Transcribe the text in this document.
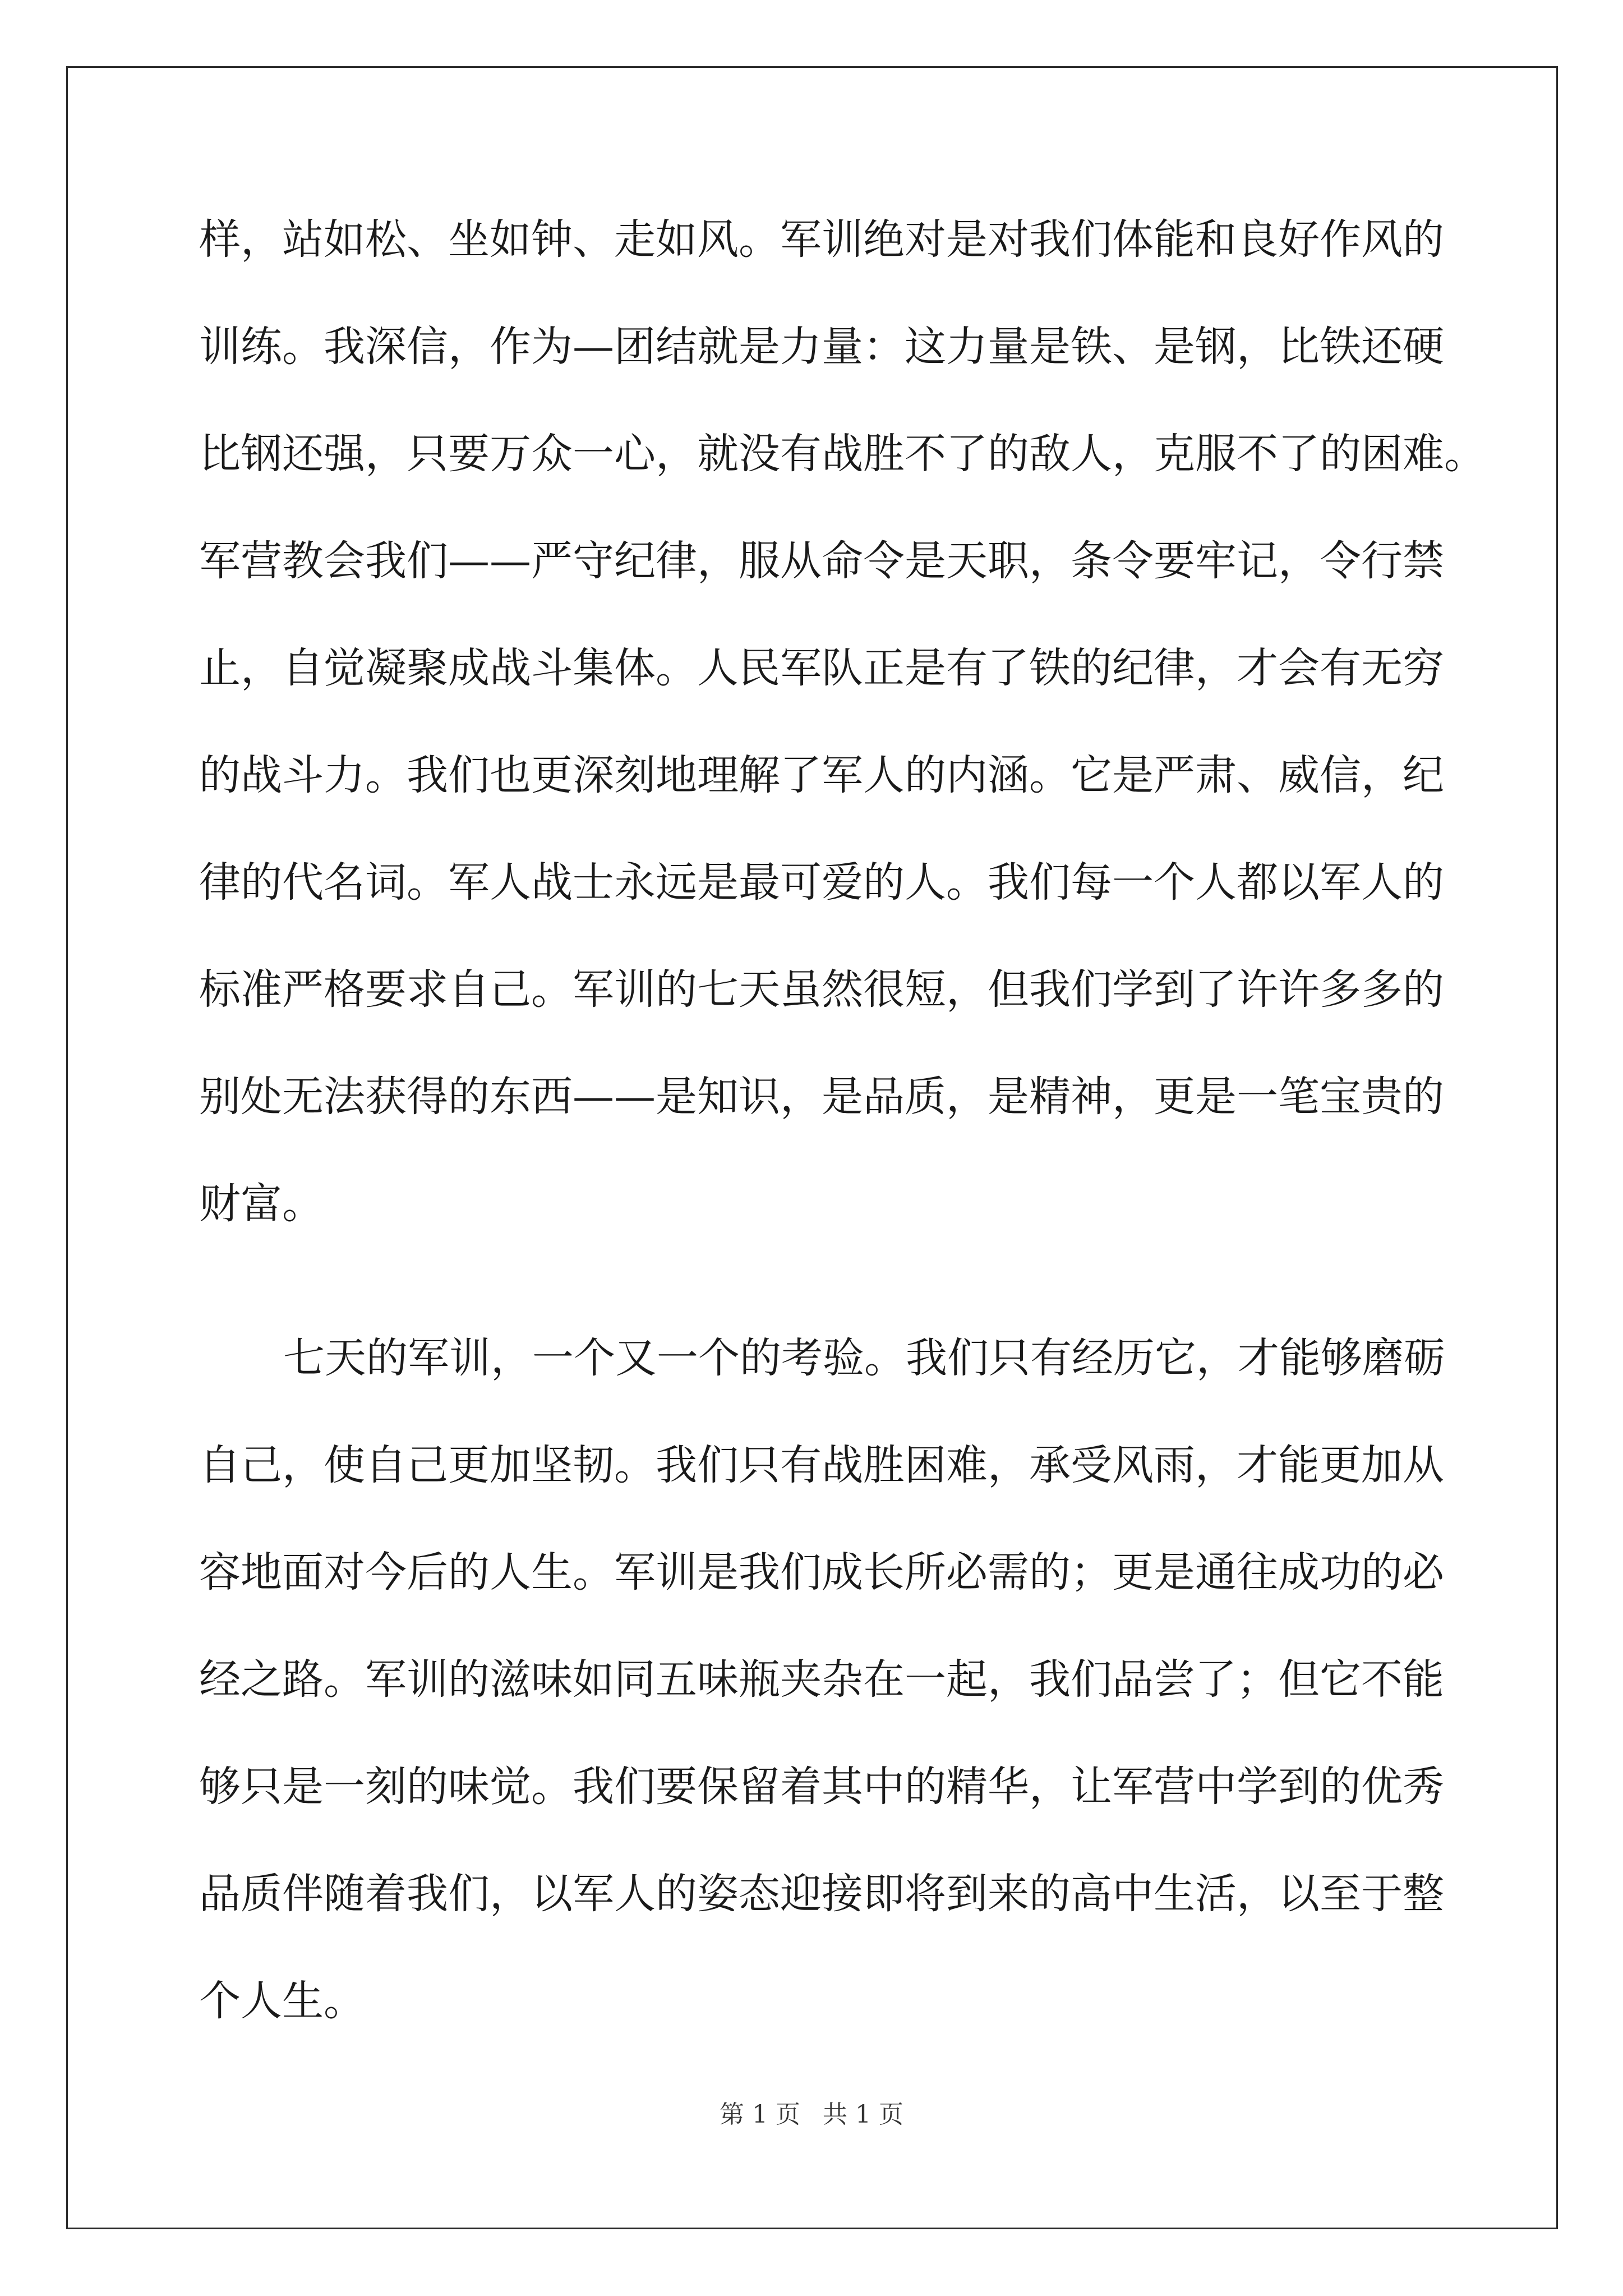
样，站如松、坐如钟、走如风。军训绝对是对我们体能和良好作风的
训练。我深信，作为—团结就是力量：这力量是铁、是钢，比铁还硬
比钢还强，只要万众一心，就没有战胜不了的敌人，克服不了的困难。
军营教会我们——严守纪律，服从命令是天职，条令要牢记，令行禁
止，自觉凝聚成战斗集体。人民军队正是有了铁的纪律，才会有无穷
的战斗力。我们也更深刻地理解了军人的内涵。它是严肃、威信，纪
律的代名词。军人战士永远是最可爱的人。我们每一个人都以军人的
标准严格要求自己。军训的七天虽然很短，但我们学到了许许多多的
别处无法获得的东西——是知识，是品质，是精神，更是一笔宝贵的
财富。
七天的军训，一个又一个的考验。我们只有经历它，才能够磨砺
自己，使自己更加坚韧。我们只有战胜困难，承受风雨，才能更加从
容地面对今后的人生。军训是我们成长所必需的；更是通往成功的必
经之路。军训的滋味如同五味瓶夹杂在一起，我们品尝了；但它不能
够只是一刻的味觉。我们要保留着其中的精华，让军营中学到的优秀
品质伴随着我们，以军人的姿态迎接即将到来的高中生活，以至于整
个人生。
第 1 页 共 1 页
